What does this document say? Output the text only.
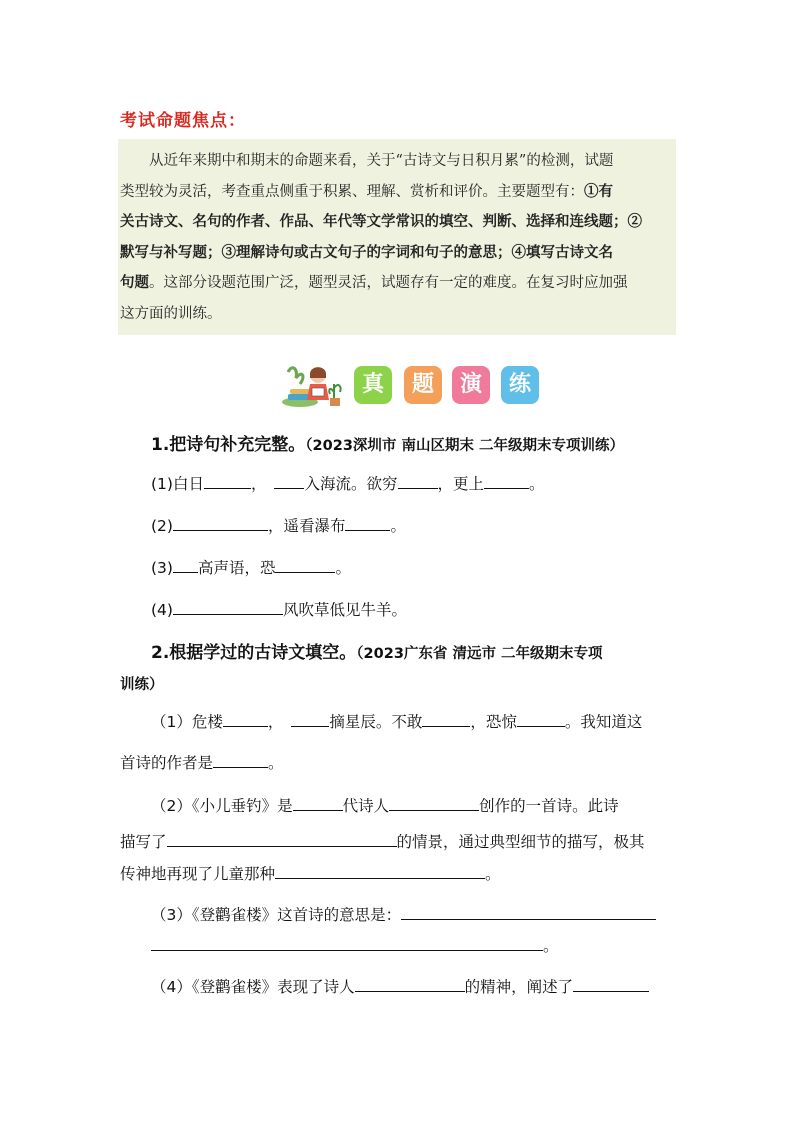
考试命题焦点：
从近年来期中和期末的命题来看，关于“古诗文与日积月累”的检测，试题
类型较为灵活，考查重点侧重于积累、理解、赏析和评价。主要题型有：①有
关古诗文、名句的作者、作品、年代等文学常识的填空、判断、选择和连线题；②
默写与补写题；③理解诗句或古文句子的字词和句子的意思；④填写古诗文名
句题。这部分设题范围广泛，题型灵活，试题存有一定的难度。在复习时应加强
这方面的训练。
真	题	演	练
1.把诗句补充完整。（2023深圳市 南山区期末 二年级期末专项训练）
(1)白日	， 入海流。欲穷	，更上	。
(2)	，遥看瀑布	。
(3) 高声语，恐	。
(4)	风吹草低见牛羊。
2.根据学过的古诗文填空。（2023广东省 清远市 二年级期末专项
训练）
（1）危楼	，	摘星辰。不敢	，恐惊	。我知道这
首诗的作者是	。
（2）《小儿垂钓》是	代诗人	创作的一首诗。此诗
描写了	的情景，通过典型细节的描写，极其
传神地再现了儿童那种	。
（3）《登鹳雀楼》这首诗的意思是：
。
（4）《登鹳雀楼》表现了诗人	的精神，阐述了
